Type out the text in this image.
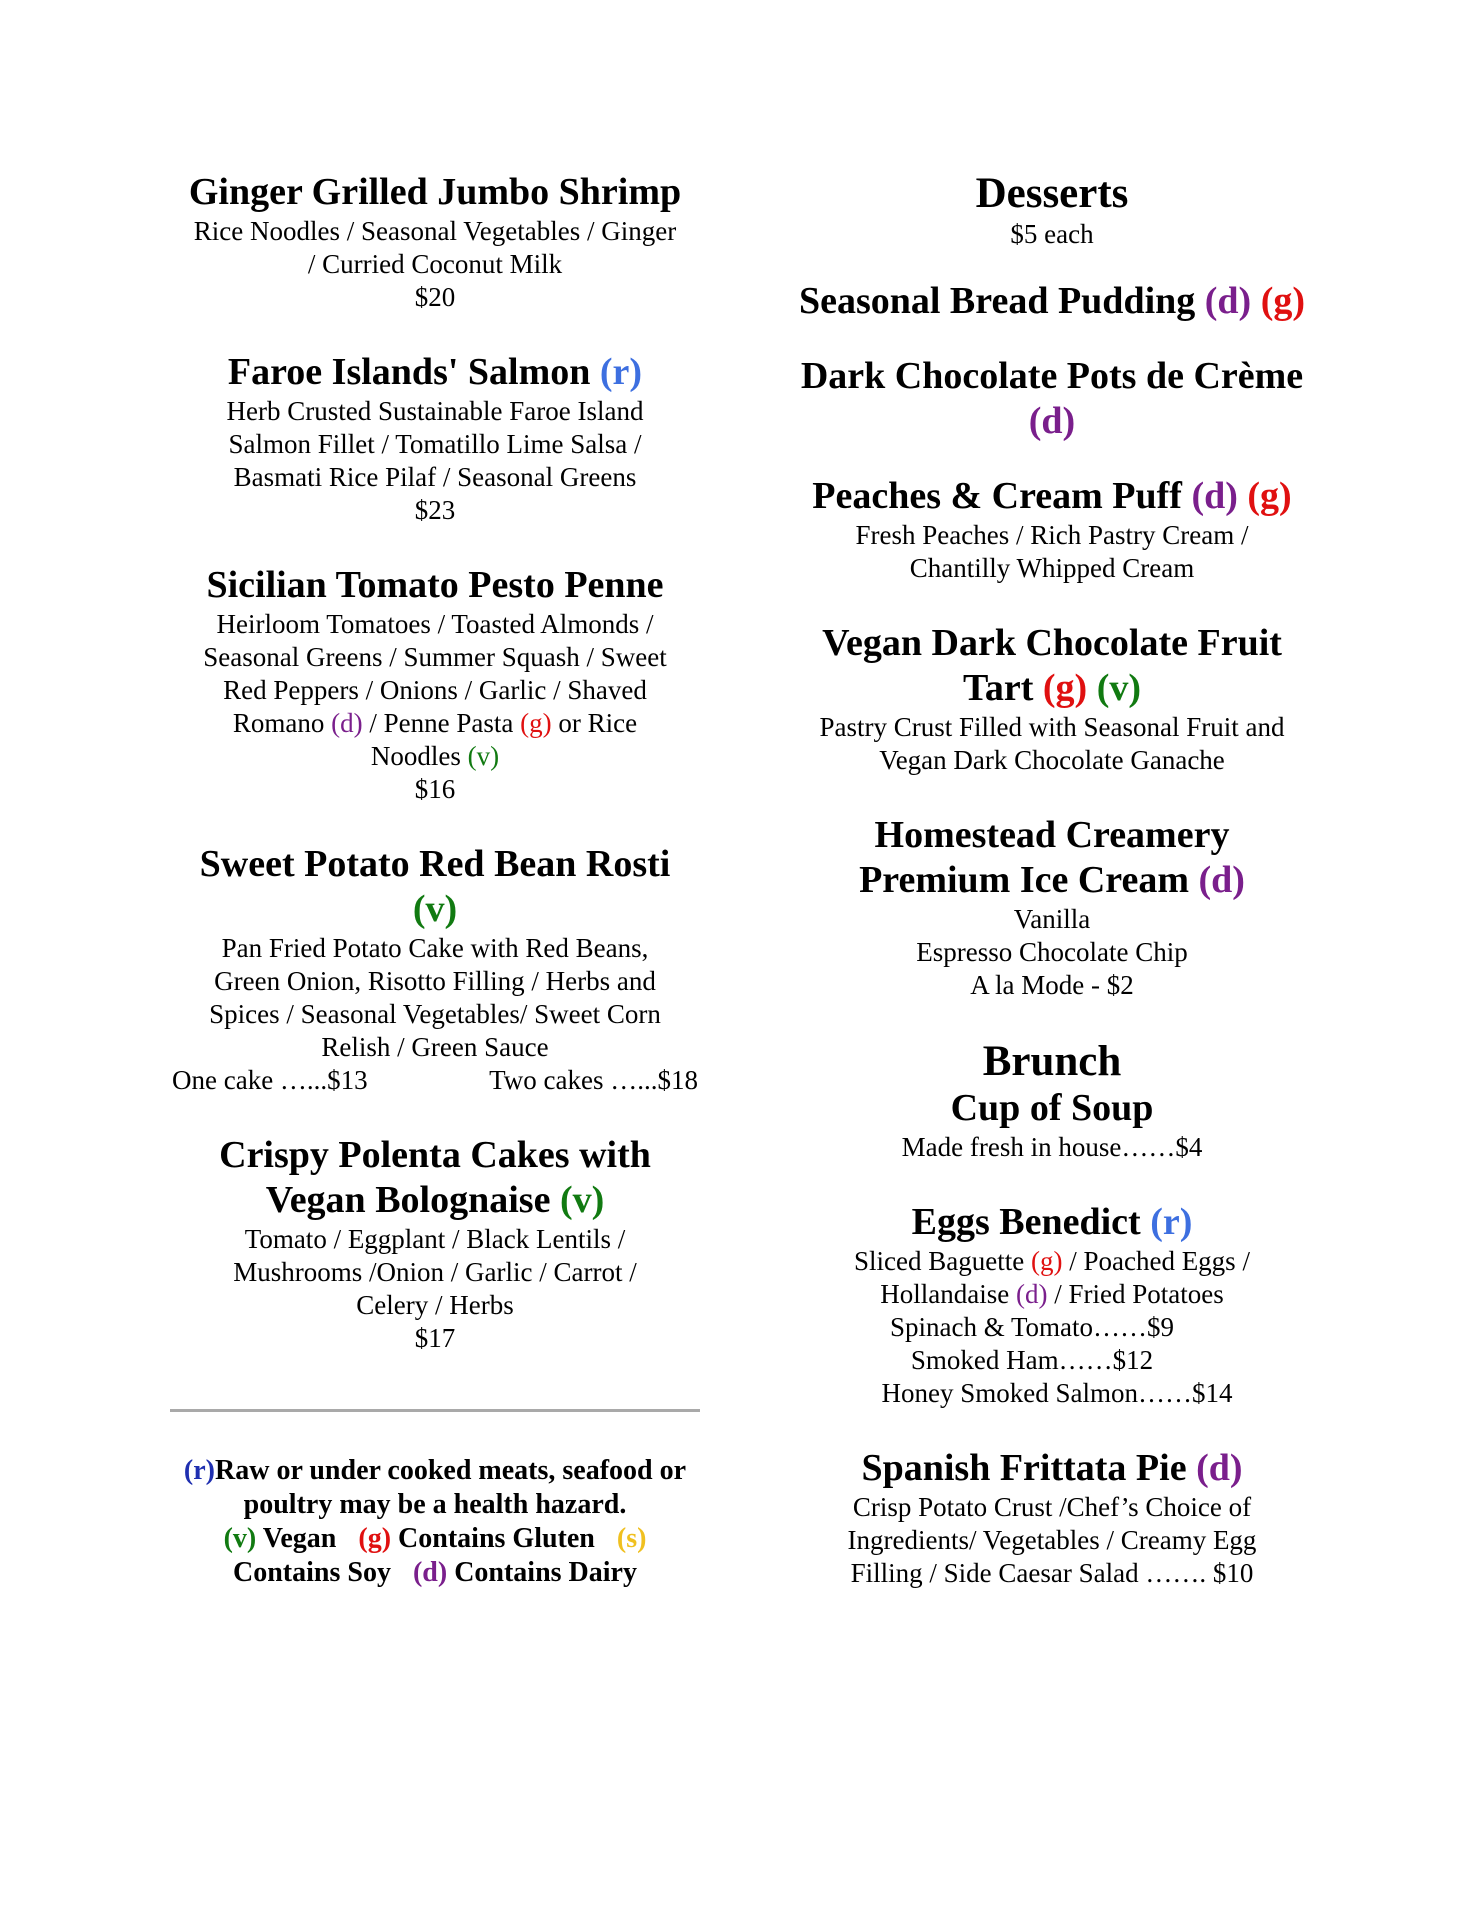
Ginger Grilled Jumbo Shrimp
Rice Noodles / Seasonal Vegetables / Ginger
/ Curried Coconut Milk
$20
Faroe Islands' Salmon (r)
Herb Crusted Sustainable Faroe Island
Salmon Fillet / Tomatillo Lime Salsa /
Basmati Rice Pilaf / Seasonal Greens
$23
Sicilian Tomato Pesto Penne
Heirloom Tomatoes / Toasted Almonds /
Seasonal Greens / Summer Squash / Sweet
Red Peppers / Onions / Garlic / Shaved
Romano (d) / Penne Pasta (g) or Rice
Noodles (v)
$16
Sweet Potato Red Bean Rosti
(v)
Pan Fried Potato Cake with Red Beans,
Green Onion, Risotto Filling / Herbs and
Spices / Seasonal Vegetables/ Sweet Corn
Relish / Green Sauce
One cake …...$13	Two cakes …...$18
Crispy Polenta Cakes with
Vegan Bolognaise (v)
Tomato / Eggplant / Black Lentils /
Mushrooms /Onion / Garlic / Carrot /
Celery / Herbs
$17
(r)Raw or under cooked meats, seafood or
poultry may be a health hazard.
(v) Vegan (g) Contains Gluten (s)
Contains Soy (d) Contains Dairy
Desserts
$5 each
Seasonal Bread Pudding (d) (g)
Dark Chocolate Pots de Crème
(d)
Peaches & Cream Puff (d) (g)
Fresh Peaches / Rich Pastry Cream /
Chantilly Whipped Cream
Vegan Dark Chocolate Fruit
Tart (g) (v)
Pastry Crust Filled with Seasonal Fruit and
Vegan Dark Chocolate Ganache
Homestead Creamery
Premium Ice Cream (d)
Vanilla
Espresso Chocolate Chip
A la Mode - $2
Brunch
Cup of Soup
Made fresh in house……$4
Eggs Benedict (r)
Sliced Baguette (g) / Poached Eggs /
Hollandaise (d) / Fried Potatoes
Spinach & Tomato……$9
Smoked Ham……$12
Honey Smoked Salmon……$14
Spanish Frittata Pie (d)
Crisp Potato Crust /Chef’s Choice of
Ingredients/ Vegetables / Creamy Egg
Filling / Side Caesar Salad ……. $10
